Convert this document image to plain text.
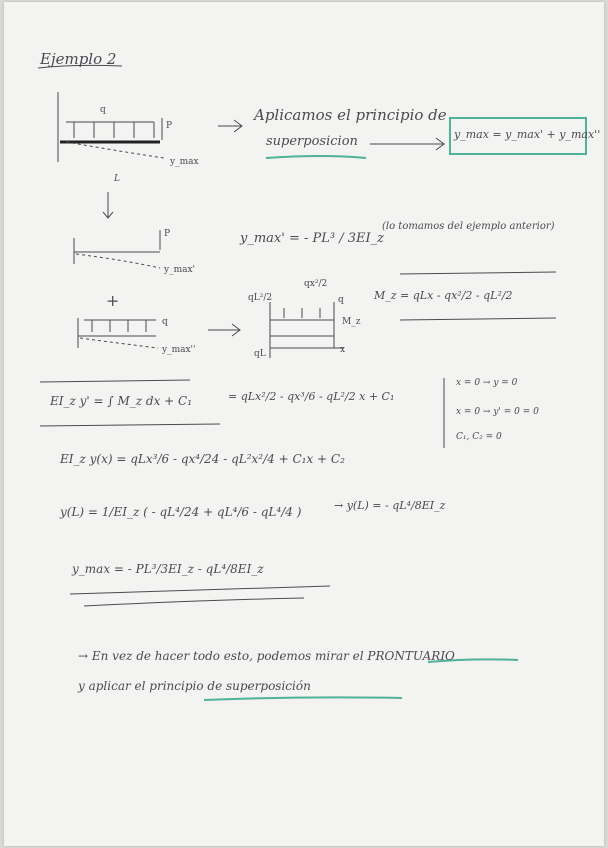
q
P
y_max
P
y_max'
+
q
y_max''
qL²/2
qx²/2
qL
q
M_z
x
Ejemplo 2
L
Aplicamos el principio de
superposicion	y_max = y_max' + y_max''
y_max' = - PL³ / 3EI_z
(lo tomamos del ejemplo anterior)
M_z = qLx - qx²/2 - qL²/2
EI_z y' = ∫ M_z dx + C₁	= qLx²/2 - qx³/6 - qL²/2 x + C₁
x = 0 → y = 0
x = 0 → y' = 0 = 0
C₁, C₂ = 0
EI_z y(x) = qLx³/6 - qx⁴/24 - qL²x²/4 + C₁x + C₂
y(L) = 1/EI_z ( - qL⁴/24 + qL⁴/6 - qL⁴/4 )	→ y(L) = - qL⁴/8EI_z
y_max = - PL³/3EI_z - qL⁴/8EI_z
→ En vez de hacer todo esto, podemos mirar el PRONTUARIO
y aplicar el principio de superposición
